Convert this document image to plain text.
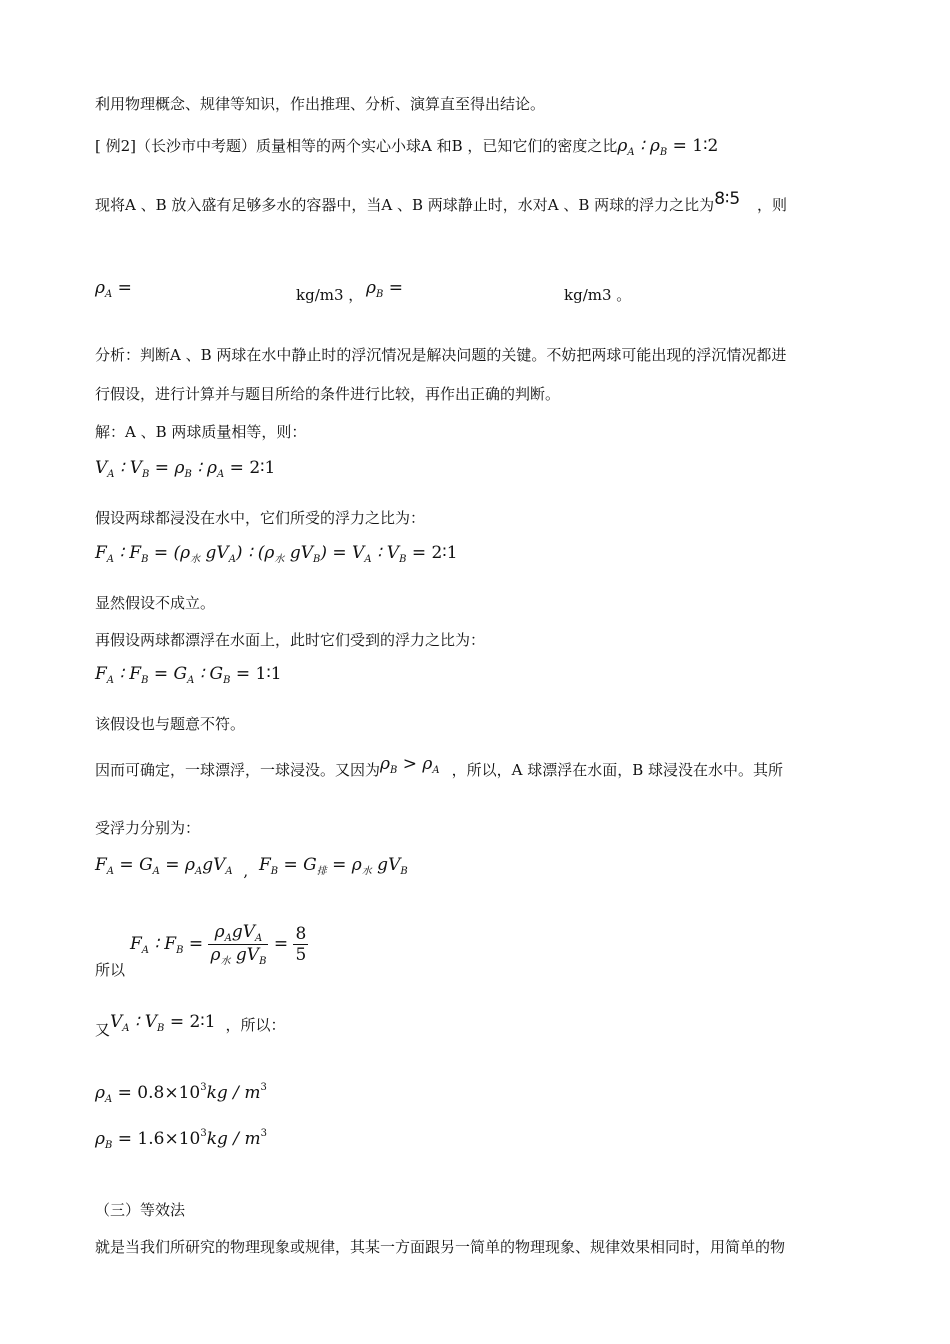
利用物理概念、规律等知识，作出推理、分析、演算直至得出结论。
[ 例2]（长沙市中考题）质量相等的两个实心小球A 和B ，已知它们的密度之比$\rho_A$ ∶ $\rho_B$ = 1∶2
现将A 、B 放入盛有足够多水的容器中，当A 、B 两球静止时，水对A 、B 两球的浮力之比为8∶5 ，则
$\rho_A$ =	kg/m3 ， $\rho_B$ =	kg/m3 。
分析：判断A 、B 两球在水中静止时的浮沉情况是解决问题的关键。不妨把两球可能出现的浮沉情况都进
行假设，进行计算并与题目所给的条件进行比较，再作出正确的判断。
解：A 、B 两球质量相等，则：
$V_A$ ∶ $V_B = \rho_B$ ∶ $\rho_A$ = 2∶1
假设两球都浸没在水中，它们所受的浮力之比为：
$F_A$ ∶ $F_B = (\rho_水$ $gV_A$) ∶ ($\rho_水$ $gV_B) = V_A$ ∶ $V_B$ = 2∶1
显然假设不成立。
再假设两球都漂浮在水面上，此时它们受到的浮力之比为：
$F_A$ ∶ $F_B = G_A$ ∶ $G_B$ = 1∶1
该假设也与题意不符。
因而可确定，一球漂浮，一球浸没。又因为$\rho_B > \rho_A$ ，所以，A 球漂浮在水面，B 球浸没在水中。其所
受浮力分别为：
$F_A = G_A = \rho_AgV_A$ , $F_B = G_排 = \rho_水$ $gV_B$
$F_A$ ∶ $F_B = \frac{\rho_AgV_A}{\rho_水 gV_B} = \frac{8}{5}$
所以
又$V_A$ ∶ $V_B$ = 2∶1 ，所以：
$\rho_A = 0.8\times 10^3kg / m^3$
$\rho_B = 1.6\times 10^3kg / m^3$
（三）等效法
就是当我们所研究的物理现象或规律，其某一方面跟另一简单的物理现象、规律效果相同时，用简单的物
